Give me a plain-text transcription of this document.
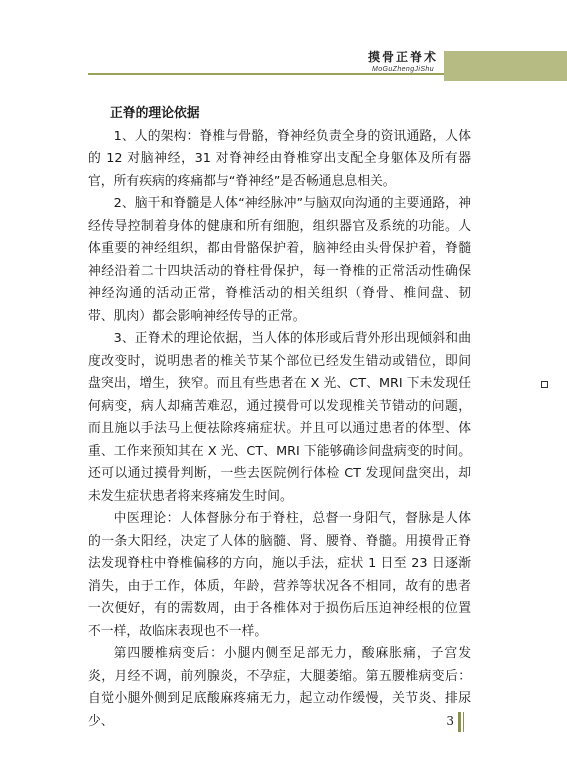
摸骨正脊术
MoGuZhengJiShu

正脊的理论依据

1、人的架构：脊椎与骨骼，脊神经负责全身的资讯通路，人体的 12 对脑神经，31 对脊神经由脊椎穿出支配全身躯体及所有器官，所有疾病的疼痛都与“脊神经”是否畅通息息相关。

2、脑干和脊髓是人体“神经脉冲”与脑双向沟通的主要通路，神经传导控制着身体的健康和所有细胞，组织器官及系统的功能。人体重要的神经组织，都由骨骼保护着，脑神经由头骨保护着，脊髓神经沿着二十四块活动的脊柱骨保护，每一脊椎的正常活动性确保神经沟通的活动正常，脊椎活动的相关组织（脊骨、椎间盘、韧带、肌肉）都会影响神经传导的正常。

3、正脊术的理论依据，当人体的体形或后背外形出现倾斜和曲度改变时，说明患者的椎关节某个部位已经发生错动或错位，即间盘突出，增生，狭窄。而且有些患者在 X 光、CT、MRI 下未发现任何病变，病人却痛苦难忍，通过摸骨可以发现椎关节错动的问题，而且施以手法马上便祛除疼痛症状。并且可以通过患者的体型、体重、工作来预知其在 X 光、CT、MRI 下能够确诊间盘病变的时间。还可以通过摸骨判断，一些去医院例行体检 CT 发现间盘突出，却未发生症状患者将来疼痛发生时间。

中医理论：人体督脉分布于脊柱，总督一身阳气，督脉是人体的一条大阳经，决定了人体的脑髓、肾、腰脊、脊髓。用摸骨正脊法发现脊柱中脊椎偏移的方向，施以手法，症状 1 日至 23 日逐渐消失，由于工作，体质，年龄，营养等状况各不相同，故有的患者一次便好，有的需数周，由于各椎体对于损伤后压迫神经根的位置不一样，故临床表现也不一样。

第四腰椎病变后：小腿内侧至足部无力，酸麻胀痛，子宫发炎，月经不调，前列腺炎，不孕症，大腿萎缩。第五腰椎病变后：自觉小腿外侧到足底酸麻疼痛无力，起立动作缓慢，关节炎、排尿少、	3
